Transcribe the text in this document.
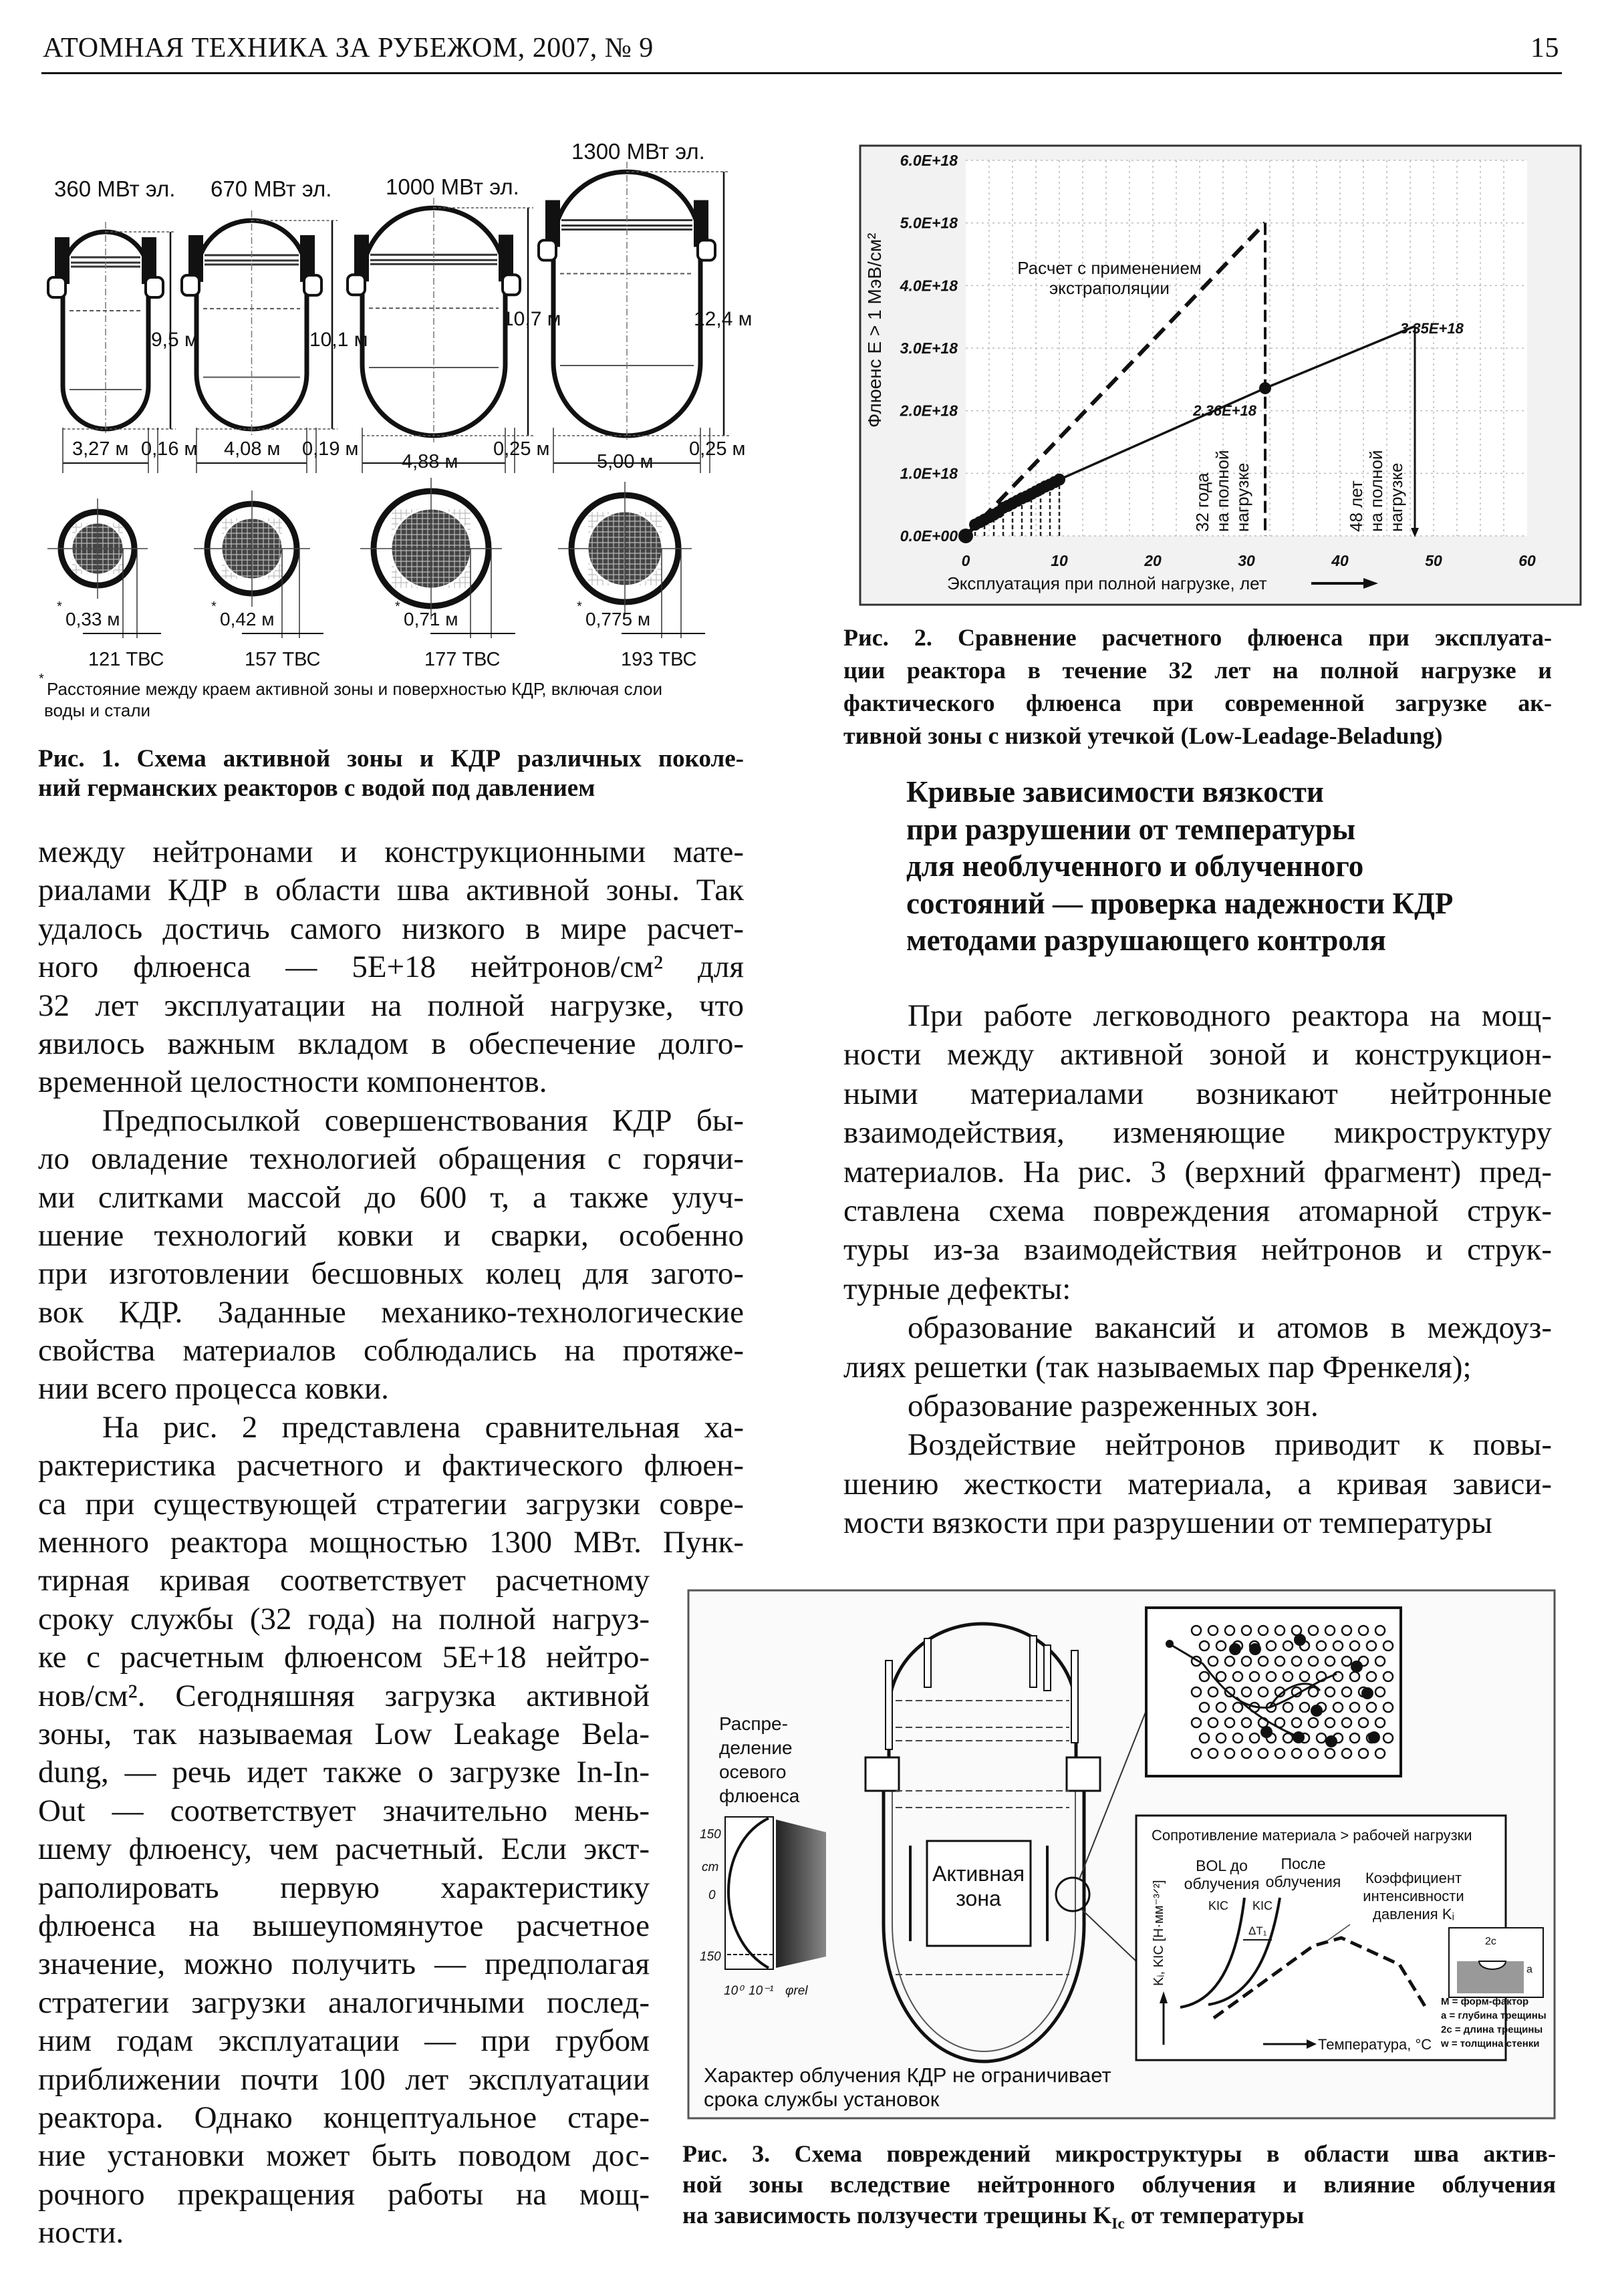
АТОМНАЯ ТЕХНИКА ЗА РУБЕЖОМ, 2007, № 9	15
360 МВт эл.
9,5 м
3,27 м 0,16 м
*
0,33 м
121 ТВС
670 МВт эл.
10,1 м
4,08 м 0,19 м
*
0,42 м
157 ТВС
1000 МВт эл.
10,7 м
4,88 м
0,25 м
*
0,71 м
177 ТВС
1300 МВт эл.
12,4 м
5,00 м
0,25 м
*
0,775 м
193 ТВС
* Расстояние между краем активной зоны и поверхностью КДР, включая слои
воды и стали
0.0E+00
1.0E+18
2.0E+18
3.0E+18
4.0E+18
5.0E+18
6.0E+18
0	10	20	30	40	50	60
Эксплуатация при полной нагрузке, лет
Флюенс E > 1 МэВ/см²	Расчет с применением
экстраполяции
2.36E+18
3.35E+18
32 года на полной нагрузке	48 лет на полной нагрузке
Распре-
деление
осевого
флюенса
150
cm
0
150
10⁰ 10⁻¹ φrel
Активная
зона
Сопротивление материала > рабочей нагрузки
BOL до
облучения
После
облучения Коэффициент
интенсивности
давления Kᵢ
KIC KIC
ΔT₁
Kᵢ, KIC [Н·мм⁻³ᐟ²]
Температура, °C
2c
a
M = форм-фактор
a = глубина трещины
2c = длина трещины
w = толщина стенки
Характер облучения КДР не ограничивает
срока службы установок
Рис. 1. Схема активной зоны и КДР различных поколе-
ний германских реакторов с водой под давлением
между нейтронами и конструкционными мате-
риалами КДР в области шва активной зоны. Так
удалось достичь самого низкого в мире расчет-
ного флюенса — 5E+18 нейтронов/см² для
32 лет эксплуатации на полной нагрузке, что
явилось важным вкладом в обеспечение долго-
временной целостности компонентов.
Предпосылкой совершенствования КДР бы-
ло овладение технологией обращения с горячи-
ми слитками массой до 600 т, а также улуч-
шение технологий ковки и сварки, особенно
при изготовлении бесшовных колец для загото-
вок КДР. Заданные механико-технологические
свойства материалов соблюдались на протяже-
нии всего процесса ковки.
На рис. 2 представлена сравнительная ха-
рактеристика расчетного и фактического флюен-
са при существующей стратегии загрузки совре-
менного реактора мощностью 1300 МВт. Пунк-
тирная кривая соответствует расчетному
сроку службы (32 года) на полной нагруз-
ке с расчетным флюенсом 5E+18 нейтро-
нов/см². Сегодняшняя загрузка активной
зоны, так называемая Low Leakage Bela-
dung, — речь идет также о загрузке In-In-
Out — соответствует значительно мень-
шему флюенсу, чем расчетный. Если экст-
раполировать первую характеристику
флюенса на вышеупомянутое расчетное
значение, можно получить — предполагая
стратегии загрузки аналогичными послед-
ним годам эксплуатации — при грубом
приближении почти 100 лет эксплуатации
реактора. Однако концептуальное старе-
ние установки может быть поводом дос-
рочного прекращения работы на мощ-
ности.
Рис. 2. Сравнение расчетного флюенса при эксплуата-
ции реактора в течение 32 лет на полной нагрузке и
фактического флюенса при современной загрузке ак-
тивной зоны с низкой утечкой (Low-Leadage-Beladung)
Кривые зависимости вязкости
при разрушении от температуры
для необлученного и облученного
состояний — проверка надежности КДР
методами разрушающего контроля
При работе легководного реактора на мощ-
ности между активной зоной и конструкцион-
ными материалами возникают нейтронные
взаимодействия, изменяющие микроструктуру
материалов. На рис. 3 (верхний фрагмент) пред-
ставлена схема повреждения атомарной струк-
туры из-за взаимодействия нейтронов и струк-
турные дефекты:
образование вакансий и атомов в междоуз-
лиях решетки (так называемых пар Френкеля);
образование разреженных зон.
Воздействие нейтронов приводит к повы-
шению жесткости материала, а кривая зависи-
мости вязкости при разрушении от температуры
Рис. 3. Схема повреждений микроструктуры в области шва актив-
ной зоны вследствие нейтронного облучения и влияние облучения
на зависимость ползучести трещины $K_{Ic}$ от температуры
